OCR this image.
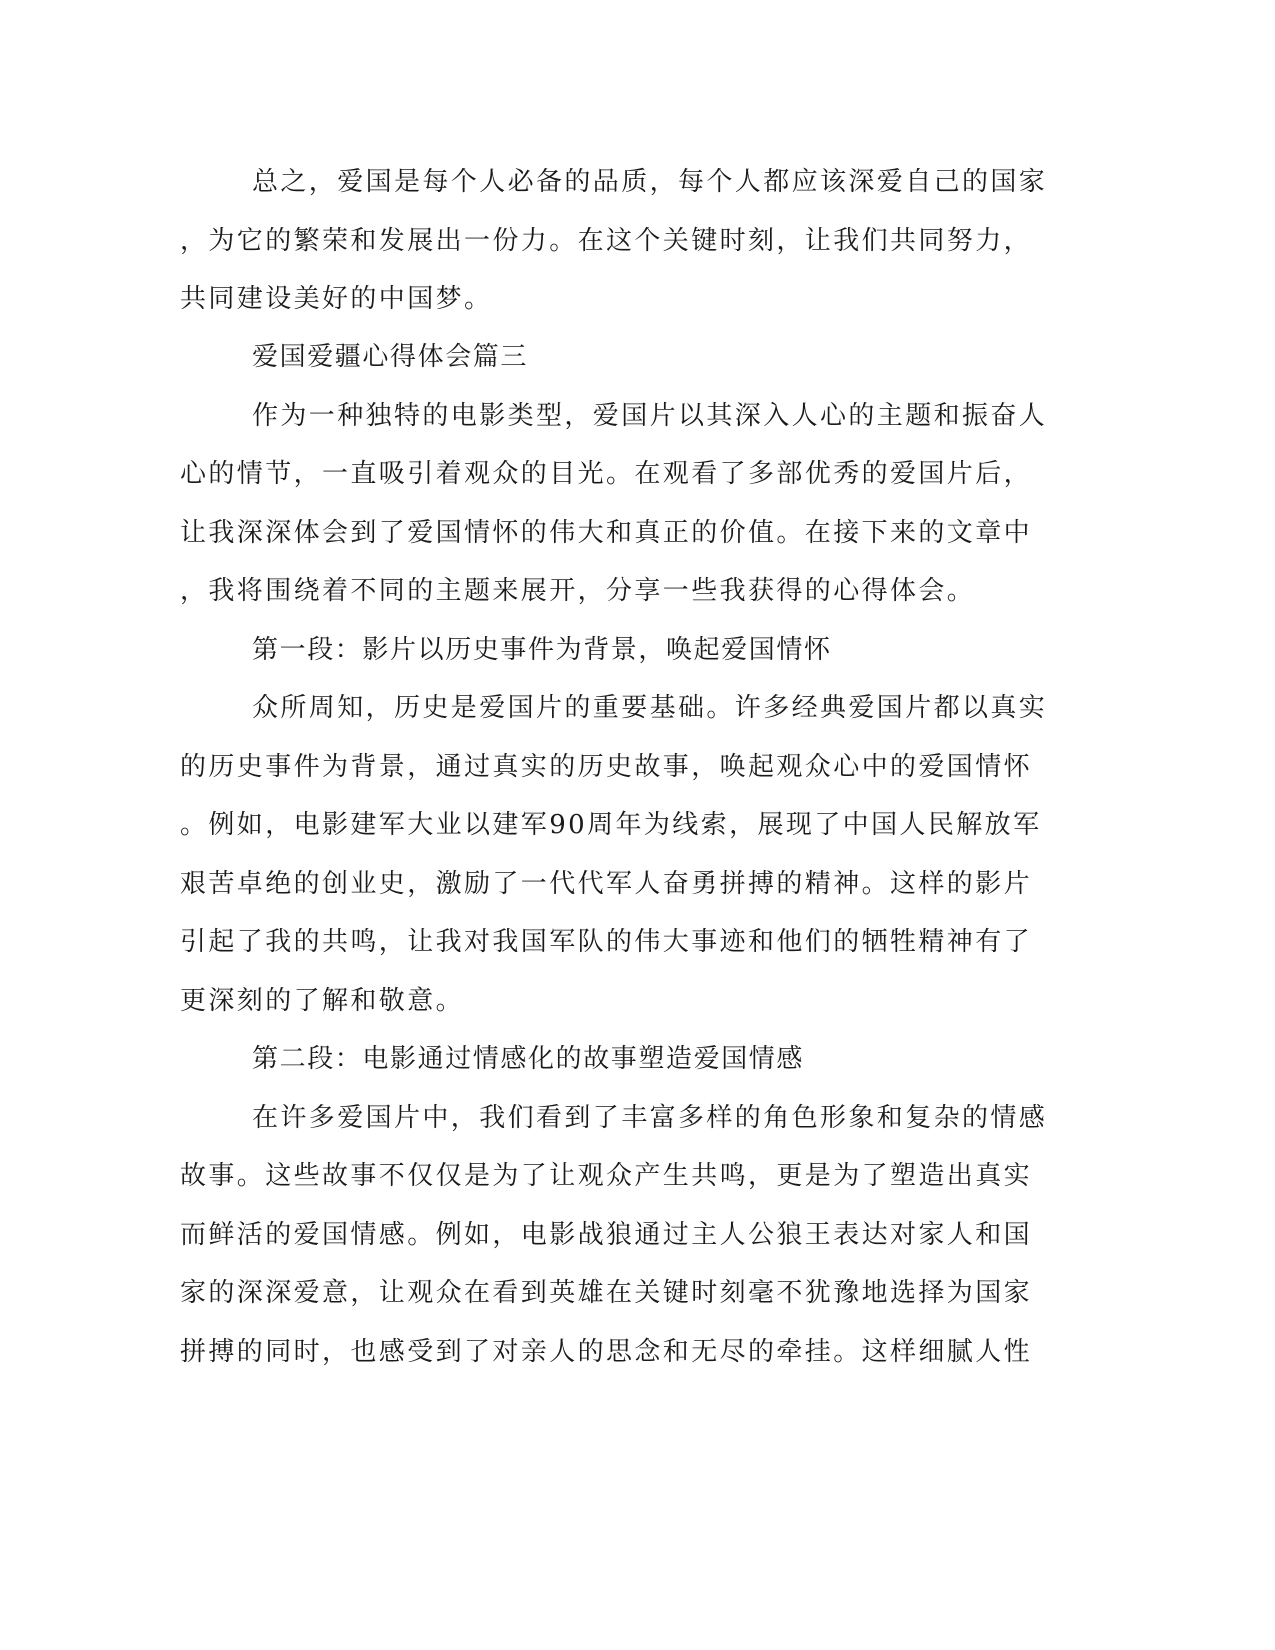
总之，爱国是每个人必备的品质，每个人都应该深爱自己的国家

，为它的繁荣和发展出一份力。在这个关键时刻，让我们共同努力，

共同建设美好的中国梦。

爱国爱疆心得体会篇三

作为一种独特的电影类型，爱国片以其深入人心的主题和振奋人

心的情节，一直吸引着观众的目光。在观看了多部优秀的爱国片后，

让我深深体会到了爱国情怀的伟大和真正的价值。在接下来的文章中

，我将围绕着不同的主题来展开，分享一些我获得的心得体会。

第一段：影片以历史事件为背景，唤起爱国情怀

众所周知，历史是爱国片的重要基础。许多经典爱国片都以真实

的历史事件为背景，通过真实的历史故事，唤起观众心中的爱国情怀

。例如，电影建军大业以建军90周年为线索，展现了中国人民解放军

艰苦卓绝的创业史，激励了一代代军人奋勇拼搏的精神。这样的影片

引起了我的共鸣，让我对我国军队的伟大事迹和他们的牺牲精神有了

更深刻的了解和敬意。

第二段：电影通过情感化的故事塑造爱国情感

在许多爱国片中，我们看到了丰富多样的角色形象和复杂的情感

故事。这些故事不仅仅是为了让观众产生共鸣，更是为了塑造出真实

而鲜活的爱国情感。例如，电影战狼通过主人公狼王表达对家人和国

家的深深爱意，让观众在看到英雄在关键时刻毫不犹豫地选择为国家

拼搏的同时，也感受到了对亲人的思念和无尽的牵挂。这样细腻人性
